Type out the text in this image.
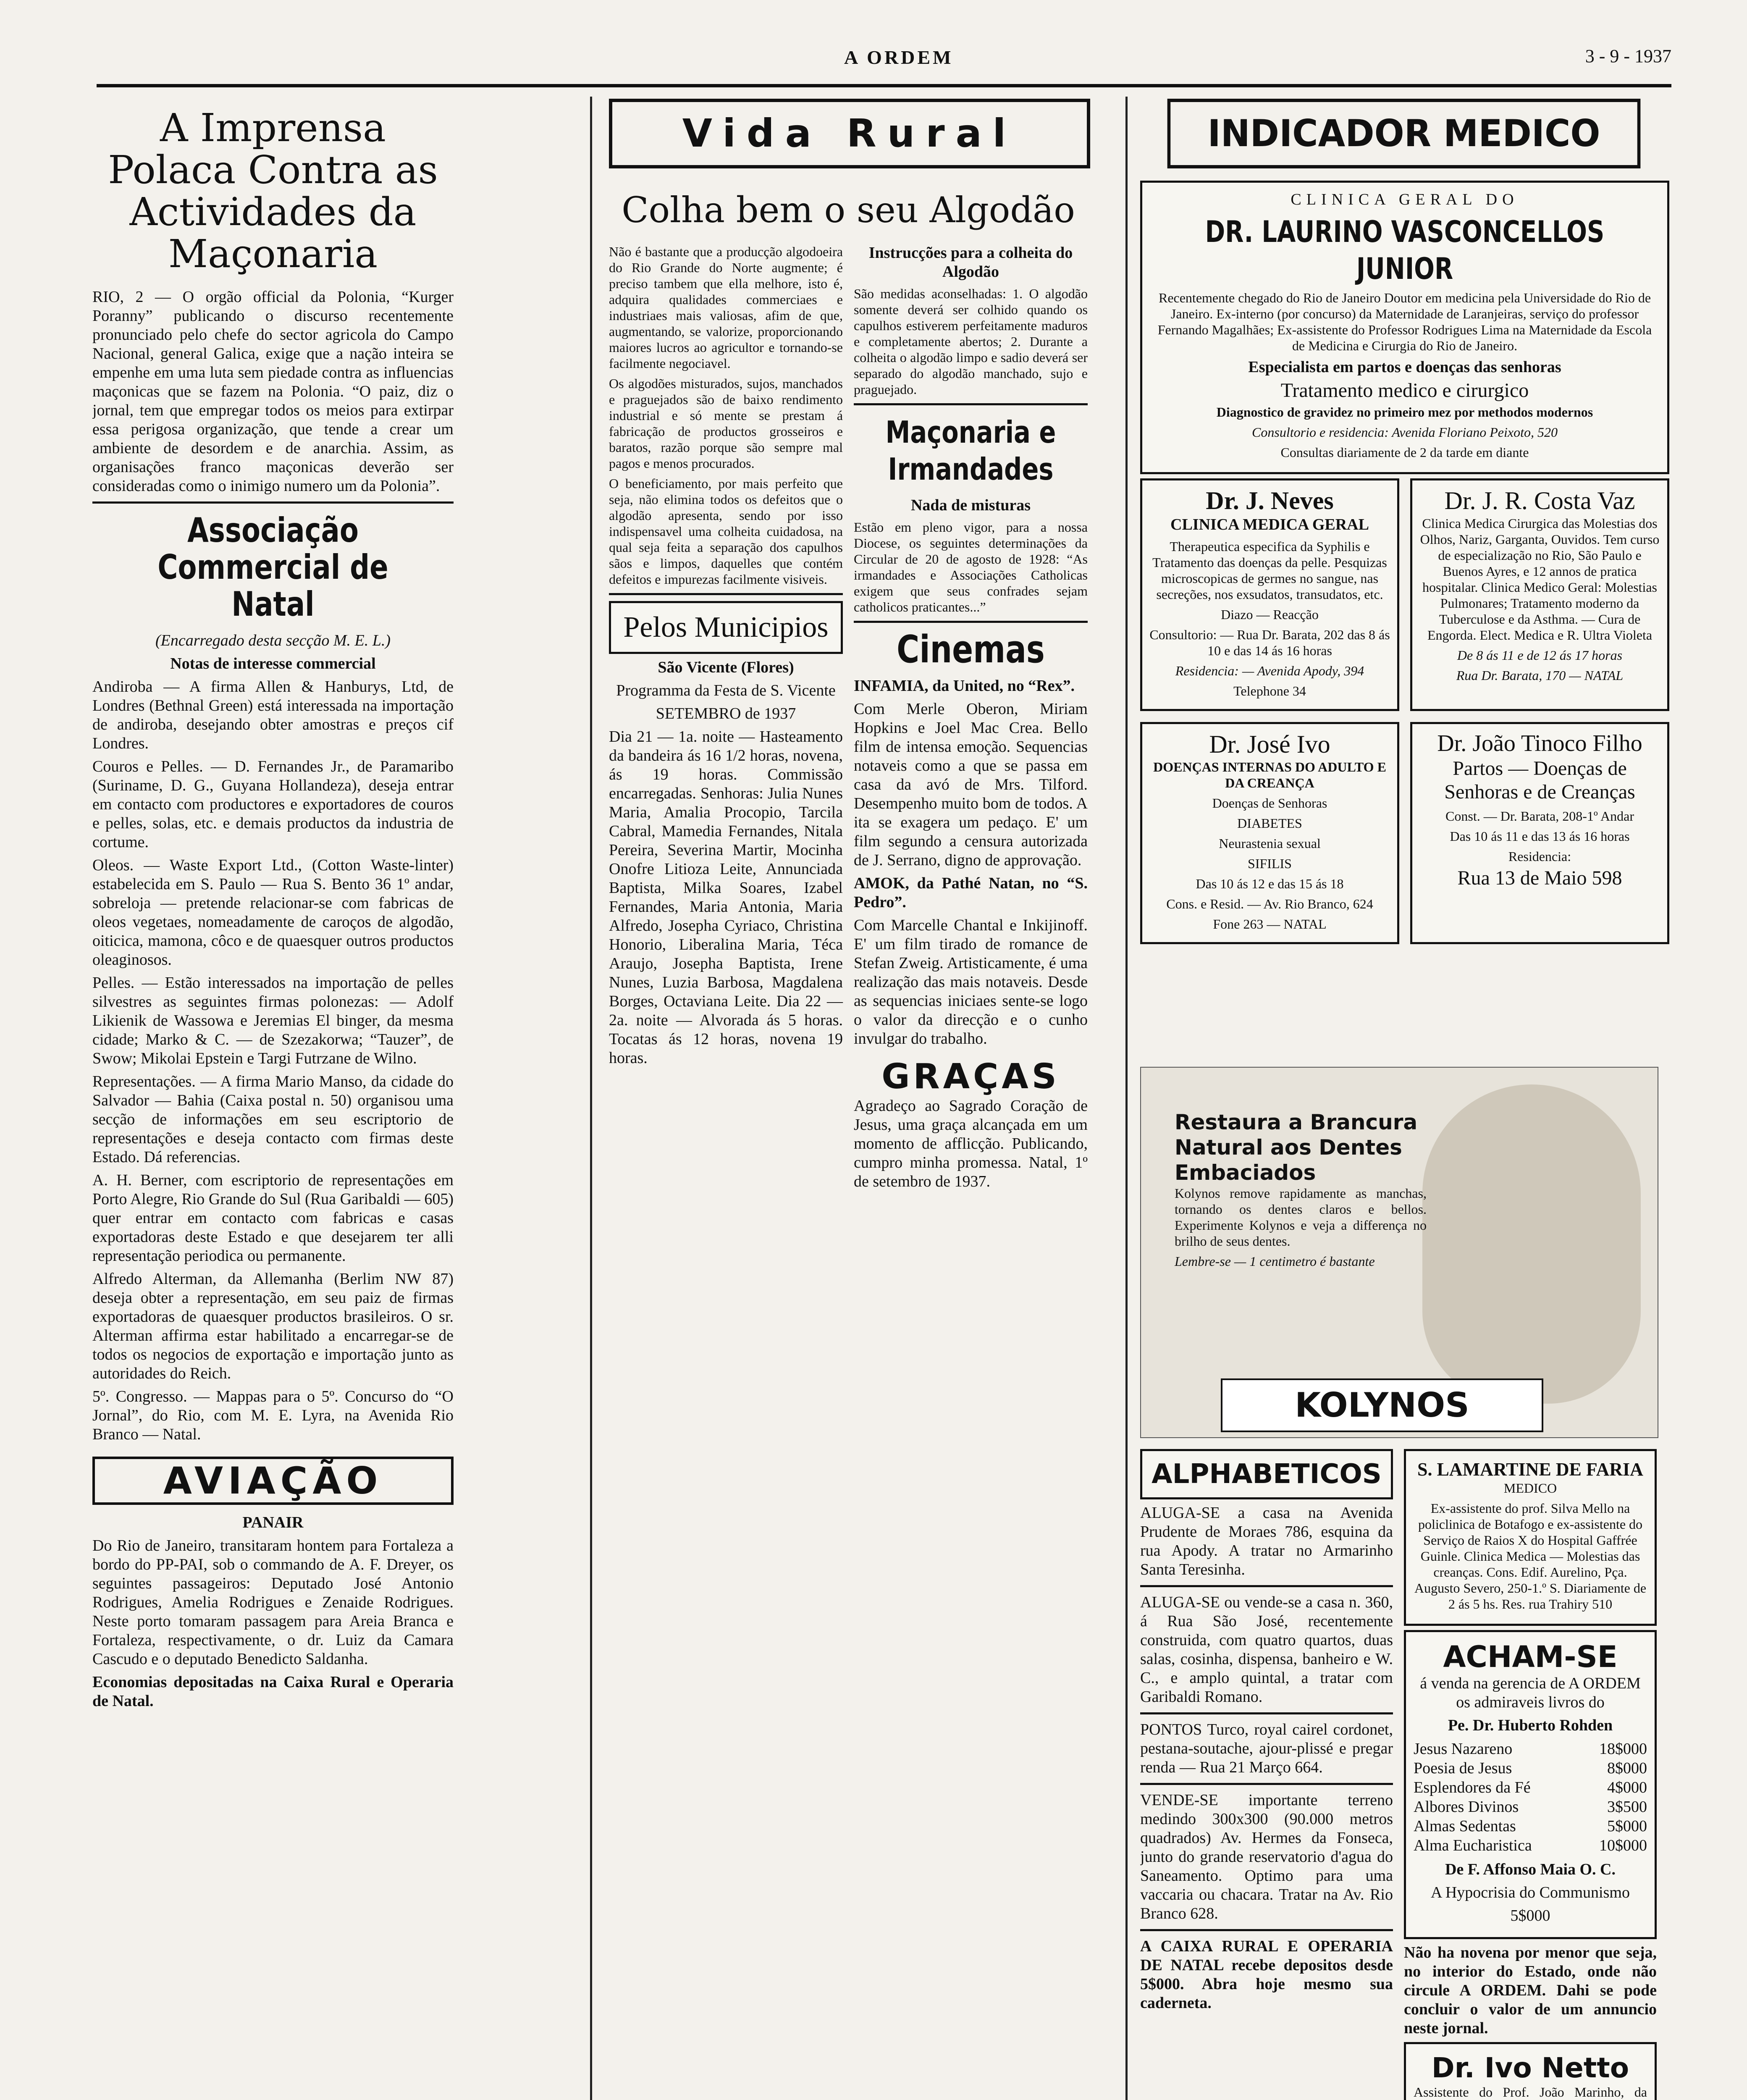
A ORDEM	3 - 9 - 1937
A Imprensa Polaca Contra as Actividades da Maçonaria

RIO, 2 — O orgão official da Polonia, “Kurger Poranny” publicando o discurso recentemente pronunciado pelo chefe do sector agricola do Campo Nacional, general Galica, exige que a nação inteira se empenhe em uma luta sem piedade contra as influencias maçonicas que se fazem na Polonia. “O paiz, diz o jornal, tem que empregar todos os meios para extirpar essa perigosa organização, que tende a crear um ambiente de desordem e de anarchia. Assim, as organisações franco maçonicas deverão ser consideradas como o inimigo numero um da Polonia”.

Associação Commercial de Natal
(Encarregado desta secção M. E. L.)
Notas de interesse commercial

Andiroba — A firma Allen & Hanburys, Ltd, de Londres (Bethnal Green) está interessada na importação de andiroba, desejando obter amostras e preços cif Londres.

Couros e Pelles. — D. Fernandes Jr., de Paramaribo (Suriname, D. G., Guyana Hollandeza), deseja entrar em contacto com productores e exportadores de couros e pelles, solas, etc. e demais productos da industria de cortume.

Oleos. — Waste Export Ltd., (Cotton Waste-linter) estabelecida em S. Paulo — Rua S. Bento 36 1º andar, sobreloja — pretende relacionar-se com fabricas de oleos vegetaes, nomeadamente de caroços de algodão, oiticica, mamona, côco e de quaesquer outros productos oleaginosos.

Pelles. — Estão interessados na importação de pelles silvestres as seguintes firmas polonezas: — Adolf Likienik de Wassowa e Jeremias El binger, da mesma cidade; Marko & C. — de Szezakorwa; “Tauzer”, de Swow; Mikolai Epstein e Targi Futrzane de Wilno.

Representações. — A firma Mario Manso, da cidade do Salvador — Bahia (Caixa postal n. 50) organisou uma secção de informações em seu escriptorio de representações e deseja contacto com firmas deste Estado. Dá referencias.

A. H. Berner, com escriptorio de representações em Porto Alegre, Rio Grande do Sul (Rua Garibaldi — 605) quer entrar em contacto com fabricas e casas exportadoras deste Estado e que desejarem ter alli representação periodica ou permanente.

Alfredo Alterman, da Allemanha (Berlim NW 87) deseja obter a representação, em seu paiz de firmas exportadoras de quaesquer productos brasileiros. O sr. Alterman affirma estar habilitado a encarregar-se de todos os negocios de exportação e importação junto as autoridades do Reich.

5º. Congresso. — Mappas para o 5º. Concurso do “O Jornal”, do Rio, com M. E. Lyra, na Avenida Rio Branco — Natal.

AVIAÇÃO
PANAIR

Do Rio de Janeiro, transitaram hontem para Fortaleza a bordo do PP-PAI, sob o commando de A. F. Dreyer, os seguintes passageiros: Deputado José Antonio Rodrigues, Amelia Rodrigues e Zenaide Rodrigues. Neste porto tomaram passagem para Areia Branca e Fortaleza, respectivamente, o dr. Luiz da Camara Cascudo e o deputado Benedicto Saldanha.

Economias depositadas na Caixa Rural e Operaria de Natal.

Vida Rural
Colha bem o seu Algodão

Não é bastante que a producção algodoeira do Rio Grande do Norte augmente; é preciso tambem que ella melhore, isto é, adquira qualidades commerciaes e industriaes mais valiosas, afim de que, augmentando, se valorize, proporcionando maiores lucros ao agricultor e tornando-se facilmente negociavel.

Os algodões misturados, sujos, manchados e praguejados são de baixo rendimento industrial e só mente se prestam á fabricação de productos grosseiros e baratos, razão porque são sempre mal pagos e menos procurados.

O beneficiamento, por mais perfeito que seja, não elimina todos os defeitos que o algodão apresenta, sendo por isso indispensavel uma colheita cuidadosa, na qual seja feita a separação dos capulhos sãos e limpos, daquelles que contém defeitos e impurezas facilmente visiveis.

Pelos Municipios
São Vicente (Flores)
Programma da Festa de S. Vicente
SETEMBRO de 1937

Dia 21 — 1a. noite — Hasteamento da bandeira ás 16 1/2 horas, novena, ás 19 horas. Commissão encarregadas. Senhoras: Julia Nunes Maria, Amalia Procopio, Tarcila Cabral, Mamedia Fernandes, Nitala Pereira, Severina Martir, Mocinha Onofre Litioza Leite, Annunciada Baptista, Milka Soares, Izabel Fernandes, Maria Antonia, Maria Alfredo, Josepha Cyriaco, Christina Honorio, Liberalina Maria, Téca Araujo, Josepha Baptista, Irene Nunes, Luzia Barbosa, Magdalena Borges, Octaviana Leite. Dia 22 — 2a. noite — Alvorada ás 5 horas. Tocatas ás 12 horas, novena 19 horas.

Instrucções para a colheita do Algodão

São medidas aconselhadas: 1. O algodão somente deverá ser colhido quando os capulhos estiverem perfeitamente maduros e completamente abertos; 2. Durante a colheita o algodão limpo e sadio deverá ser separado do algodão manchado, sujo e praguejado.

Maçonaria e Irmandades
Nada de misturas

Estão em pleno vigor, para a nossa Diocese, os seguintes determinações da Circular de 20 de agosto de 1928: “As irmandades e Associações Catholicas exigem que seus confrades sejam catholicos praticantes...”

Cinemas
INFAMIA, da United, no “Rex”.

Com Merle Oberon, Miriam Hopkins e Joel Mac Crea. Bello film de intensa emoção. Sequencias notaveis como a que se passa em casa da avó de Mrs. Tilford. Desempenho muito bom de todos. A ita se exagera um pedaço. E' um film segundo a censura autorizada de J. Serrano, digno de approvação.

AMOK, da Pathé Natan, no “S. Pedro”.

Com Marcelle Chantal e Inkijinoff. E' um film tirado de romance de Stefan Zweig. Artisticamente, é uma realização das mais notaveis. Desde as sequencias iniciaes sente-se logo o valor da direcção e o cunho invulgar do trabalho.

GRAÇAS

Agradeço ao Sagrado Coração de Jesus, uma graça alcançada em um momento de afflicção. Publicando, cumpro minha promessa. Natal, 1º de setembro de 1937.

INDICADOR MEDICO
CLINICA GERAL DO
DR. LAURINO VASCONCELLOS JUNIOR

Recentemente chegado do Rio de Janeiro Doutor em medicina pela Universidade do Rio de Janeiro. Ex-interno (por concurso) da Maternidade de Laranjeiras, serviço do professor Fernando Magalhães; Ex-assistente do Professor Rodrigues Lima na Maternidade da Escola de Medicina e Cirurgia do Rio de Janeiro.

Especialista em partos e doenças das senhoras
Tratamento medico e cirurgico
Diagnostico de gravidez no primeiro mez por methodos modernos
Consultorio e residencia: Avenida Floriano Peixoto, 520
Consultas diariamente de 2 da tarde em diante
Dr. J. Neves
CLINICA MEDICA GERAL

Therapeutica especifica da Syphilis e Tratamento das doenças da pelle. Pesquizas microscopicas de germes no sangue, nas secreções, nos exsudatos, transudatos, etc.

Diazo — Reacção
Consultorio: — Rua Dr. Barata, 202 das 8 ás 10 e das 14 ás 16 horas
Residencia: — Avenida Apody, 394
Telephone 34
Dr. J. R. Costa Vaz

Clinica Medica Cirurgica das Molestias dos Olhos, Nariz, Garganta, Ouvidos. Tem curso de especialização no Rio, São Paulo e Buenos Ayres, e 12 annos de pratica hospitalar. Clinica Medico Geral: Molestias Pulmonares; Tratamento moderno da Tuberculose e da Asthma. — Cura de Engorda. Elect. Medica e R. Ultra Violeta

De 8 ás 11 e de 12 ás 17 horas
Rua Dr. Barata, 170 — NATAL
Dr. José Ivo
DOENÇAS INTERNAS DO ADULTO E DA CREANÇA
Doenças de Senhoras
DIABETES
Neurastenia sexual
SIFILIS
Das 10 ás 12 e das 15 ás 18
Cons. e Resid. — Av. Rio Branco, 624
Fone 263 — NATAL
Dr. João Tinoco Filho
Partos — Doenças de Senhoras e de Creanças
Const. — Dr. Barata, 208-1º Andar
Das 10 ás 11 e das 13 ás 16 horas
Residencia:
Rua 13 de Maio 598
Restaura a Brancura Natural aos Dentes Embaciados

Kolynos remove rapidamente as manchas, tornando os dentes claros e bellos. Experimente Kolynos e veja a differença no brilho de seus dentes.

Lembre-se — 1 centimetro é bastante
KOLYNOS
ALPHABETICOS

ALUGA-SE a casa na Avenida Prudente de Moraes 786, esquina da rua Apody. A tratar no Armarinho Santa Teresinha.

ALUGA-SE ou vende-se a casa n. 360, á Rua São José, recentemente construida, com quatro quartos, duas salas, cosinha, dispensa, banheiro e W. C., e amplo quintal, a tratar com Garibaldi Romano.

PONTOS Turco, royal cairel cordonet, pestana-soutache, ajour-plissé e pregar renda — Rua 21 Março 664.

VENDE-SE importante terreno medindo 300x300 (90.000 metros quadrados) Av. Hermes da Fonseca, junto do grande reservatorio d'agua do Saneamento. Optimo para uma vaccaria ou chacara. Tratar na Av. Rio Branco 628.

A CAIXA RURAL E OPERARIA DE NATAL recebe depositos desde 5$000. Abra hoje mesmo sua caderneta.

S. LAMARTINE DE FARIA
MEDICO

Ex-assistente do prof. Silva Mello na policlinica de Botafogo e ex-assistente do Serviço de Raios X do Hospital Gaffrée Guinle. Clinica Medica — Molestias das creanças. Cons. Edif. Aurelino, Pça. Augusto Severo, 250-1.º S. Diariamente de 2 ás 5 hs. Res. rua Trahiry 510

ACHAM-SE

á venda na gerencia de A ORDEM os admiraveis livros do

Pe. Dr. Huberto Rohden
Jesus Nazareno	18$000
Poesia de Jesus	8$000
Esplendores da Fé	4$000
Albores Divinos	3$500
Almas Sedentas	5$000
Alma Eucharistica	10$000
De F. Affonso Maia O. C.
A Hypocrisia do Communismo
5$000

Não ha novena por menor que seja, no interior do Estado, onde não circule A ORDEM. Dahi se pode concluir o valor de um annuncio neste jornal.

Dr. Ivo Netto

Assistente do Prof. João Marinho, da
